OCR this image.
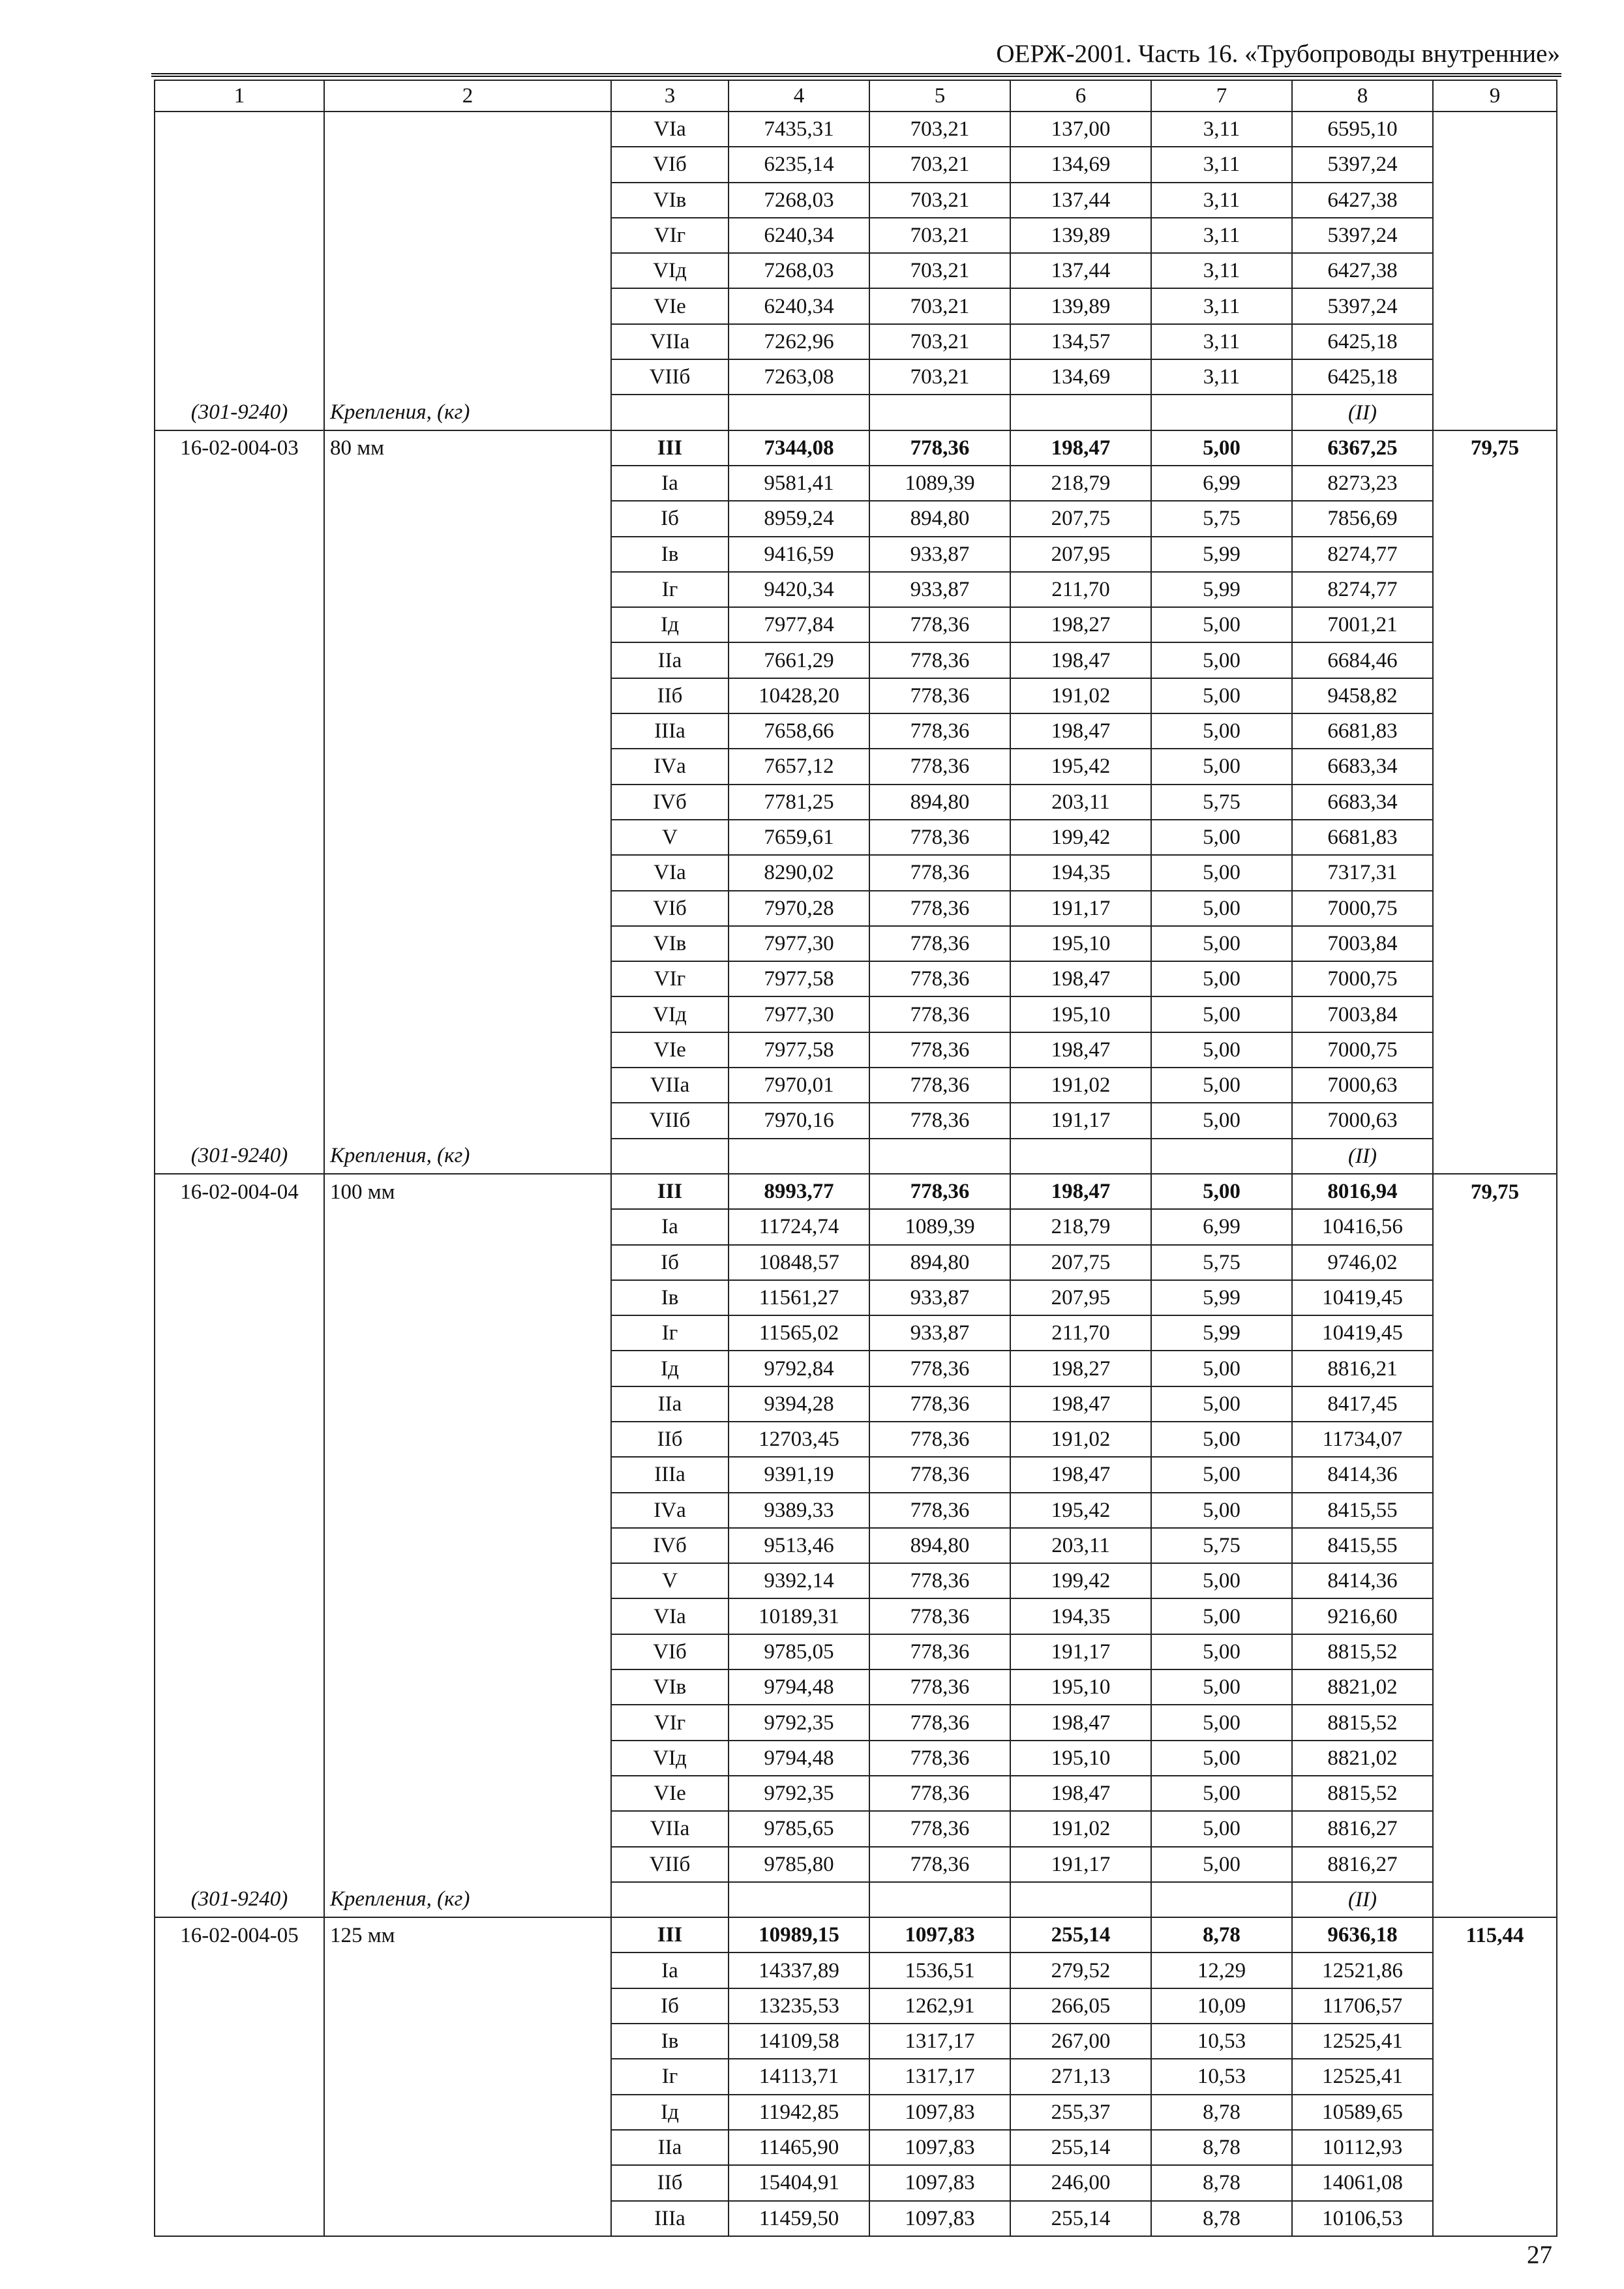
ОЕРЖ-2001. Часть 16. «Трубопроводы внутренние»
1	2	3	4	5	6	7	8	9
		VIа	7435,31	703,21	137,00	3,11	6595,10	
		VIб	6235,14	703,21	134,69	3,11	5397,24	
		VIв	7268,03	703,21	137,44	3,11	6427,38	
		VIг	6240,34	703,21	139,89	3,11	5397,24	
		VIд	7268,03	703,21	137,44	3,11	6427,38	
		VIе	6240,34	703,21	139,89	3,11	5397,24	
		VIIа	7262,96	703,21	134,57	3,11	6425,18	
		VIIб	7263,08	703,21	134,69	3,11	6425,18	
(301-9240)	Крепления, (кг)						(II)	
16-02-004-03	80 мм	III	7344,08	778,36	198,47	5,00	6367,25	79,75
		Iа	9581,41	1089,39	218,79	6,99	8273,23	
		Iб	8959,24	894,80	207,75	5,75	7856,69	
		Iв	9416,59	933,87	207,95	5,99	8274,77	
		Iг	9420,34	933,87	211,70	5,99	8274,77	
		Iд	7977,84	778,36	198,27	5,00	7001,21	
		IIа	7661,29	778,36	198,47	5,00	6684,46	
		IIб	10428,20	778,36	191,02	5,00	9458,82	
		IIIа	7658,66	778,36	198,47	5,00	6681,83	
		IVа	7657,12	778,36	195,42	5,00	6683,34	
		IVб	7781,25	894,80	203,11	5,75	6683,34	
		V	7659,61	778,36	199,42	5,00	6681,83	
		VIа	8290,02	778,36	194,35	5,00	7317,31	
		VIб	7970,28	778,36	191,17	5,00	7000,75	
		VIв	7977,30	778,36	195,10	5,00	7003,84	
		VIг	7977,58	778,36	198,47	5,00	7000,75	
		VIд	7977,30	778,36	195,10	5,00	7003,84	
		VIе	7977,58	778,36	198,47	5,00	7000,75	
		VIIа	7970,01	778,36	191,02	5,00	7000,63	
		VIIб	7970,16	778,36	191,17	5,00	7000,63	
(301-9240)	Крепления, (кг)						(II)	
16-02-004-04	100 мм	III	8993,77	778,36	198,47	5,00	8016,94	79,75
		Iа	11724,74	1089,39	218,79	6,99	10416,56	
		Iб	10848,57	894,80	207,75	5,75	9746,02	
		Iв	11561,27	933,87	207,95	5,99	10419,45	
		Iг	11565,02	933,87	211,70	5,99	10419,45	
		Iд	9792,84	778,36	198,27	5,00	8816,21	
		IIа	9394,28	778,36	198,47	5,00	8417,45	
		IIб	12703,45	778,36	191,02	5,00	11734,07	
		IIIа	9391,19	778,36	198,47	5,00	8414,36	
		IVа	9389,33	778,36	195,42	5,00	8415,55	
		IVб	9513,46	894,80	203,11	5,75	8415,55	
		V	9392,14	778,36	199,42	5,00	8414,36	
		VIа	10189,31	778,36	194,35	5,00	9216,60	
		VIб	9785,05	778,36	191,17	5,00	8815,52	
		VIв	9794,48	778,36	195,10	5,00	8821,02	
		VIг	9792,35	778,36	198,47	5,00	8815,52	
		VIд	9794,48	778,36	195,10	5,00	8821,02	
		VIе	9792,35	778,36	198,47	5,00	8815,52	
		VIIа	9785,65	778,36	191,02	5,00	8816,27	
		VIIб	9785,80	778,36	191,17	5,00	8816,27	
(301-9240)	Крепления, (кг)						(II)	
16-02-004-05	125 мм	III	10989,15	1097,83	255,14	8,78	9636,18	115,44
		Iа	14337,89	1536,51	279,52	12,29	12521,86	
		Iб	13235,53	1262,91	266,05	10,09	11706,57	
		Iв	14109,58	1317,17	267,00	10,53	12525,41	
		Iг	14113,71	1317,17	271,13	10,53	12525,41	
		Iд	11942,85	1097,83	255,37	8,78	10589,65	
		IIа	11465,90	1097,83	255,14	8,78	10112,93	
		IIб	15404,91	1097,83	246,00	8,78	14061,08	
		IIIа	11459,50	1097,83	255,14	8,78	10106,53	
27
